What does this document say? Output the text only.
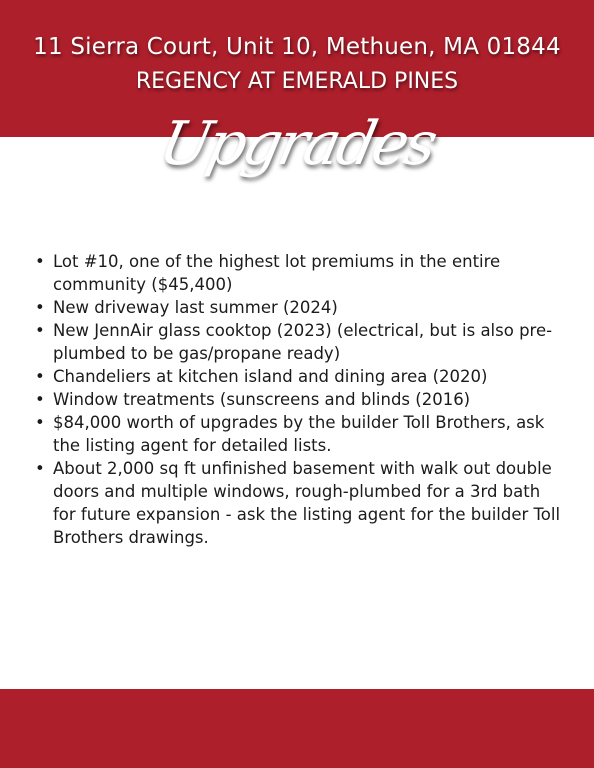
11 Sierra Court, Unit 10, Methuen, MA 01844
REGENCY AT EMERALD PINES
Upgrades
• Lot #10, one of the highest lot premiums in the entire community ($45,400)
• New driveway last summer (2024)
• New JennAir glass cooktop (2023) (electrical, but is also pre-plumbed to be gas/propane ready)
• Chandeliers at kitchen island and dining area (2020)
• Window treatments (sunscreens and blinds (2016)
• $84,000 worth of upgrades by the builder Toll Brothers, ask the listing agent for detailed lists.
• About 2,000 sq ft unfinished basement with walk out double doors and multiple windows, rough-plumbed for a 3rd bath for future expansion - ask the listing agent for the builder Toll Brothers drawings.
